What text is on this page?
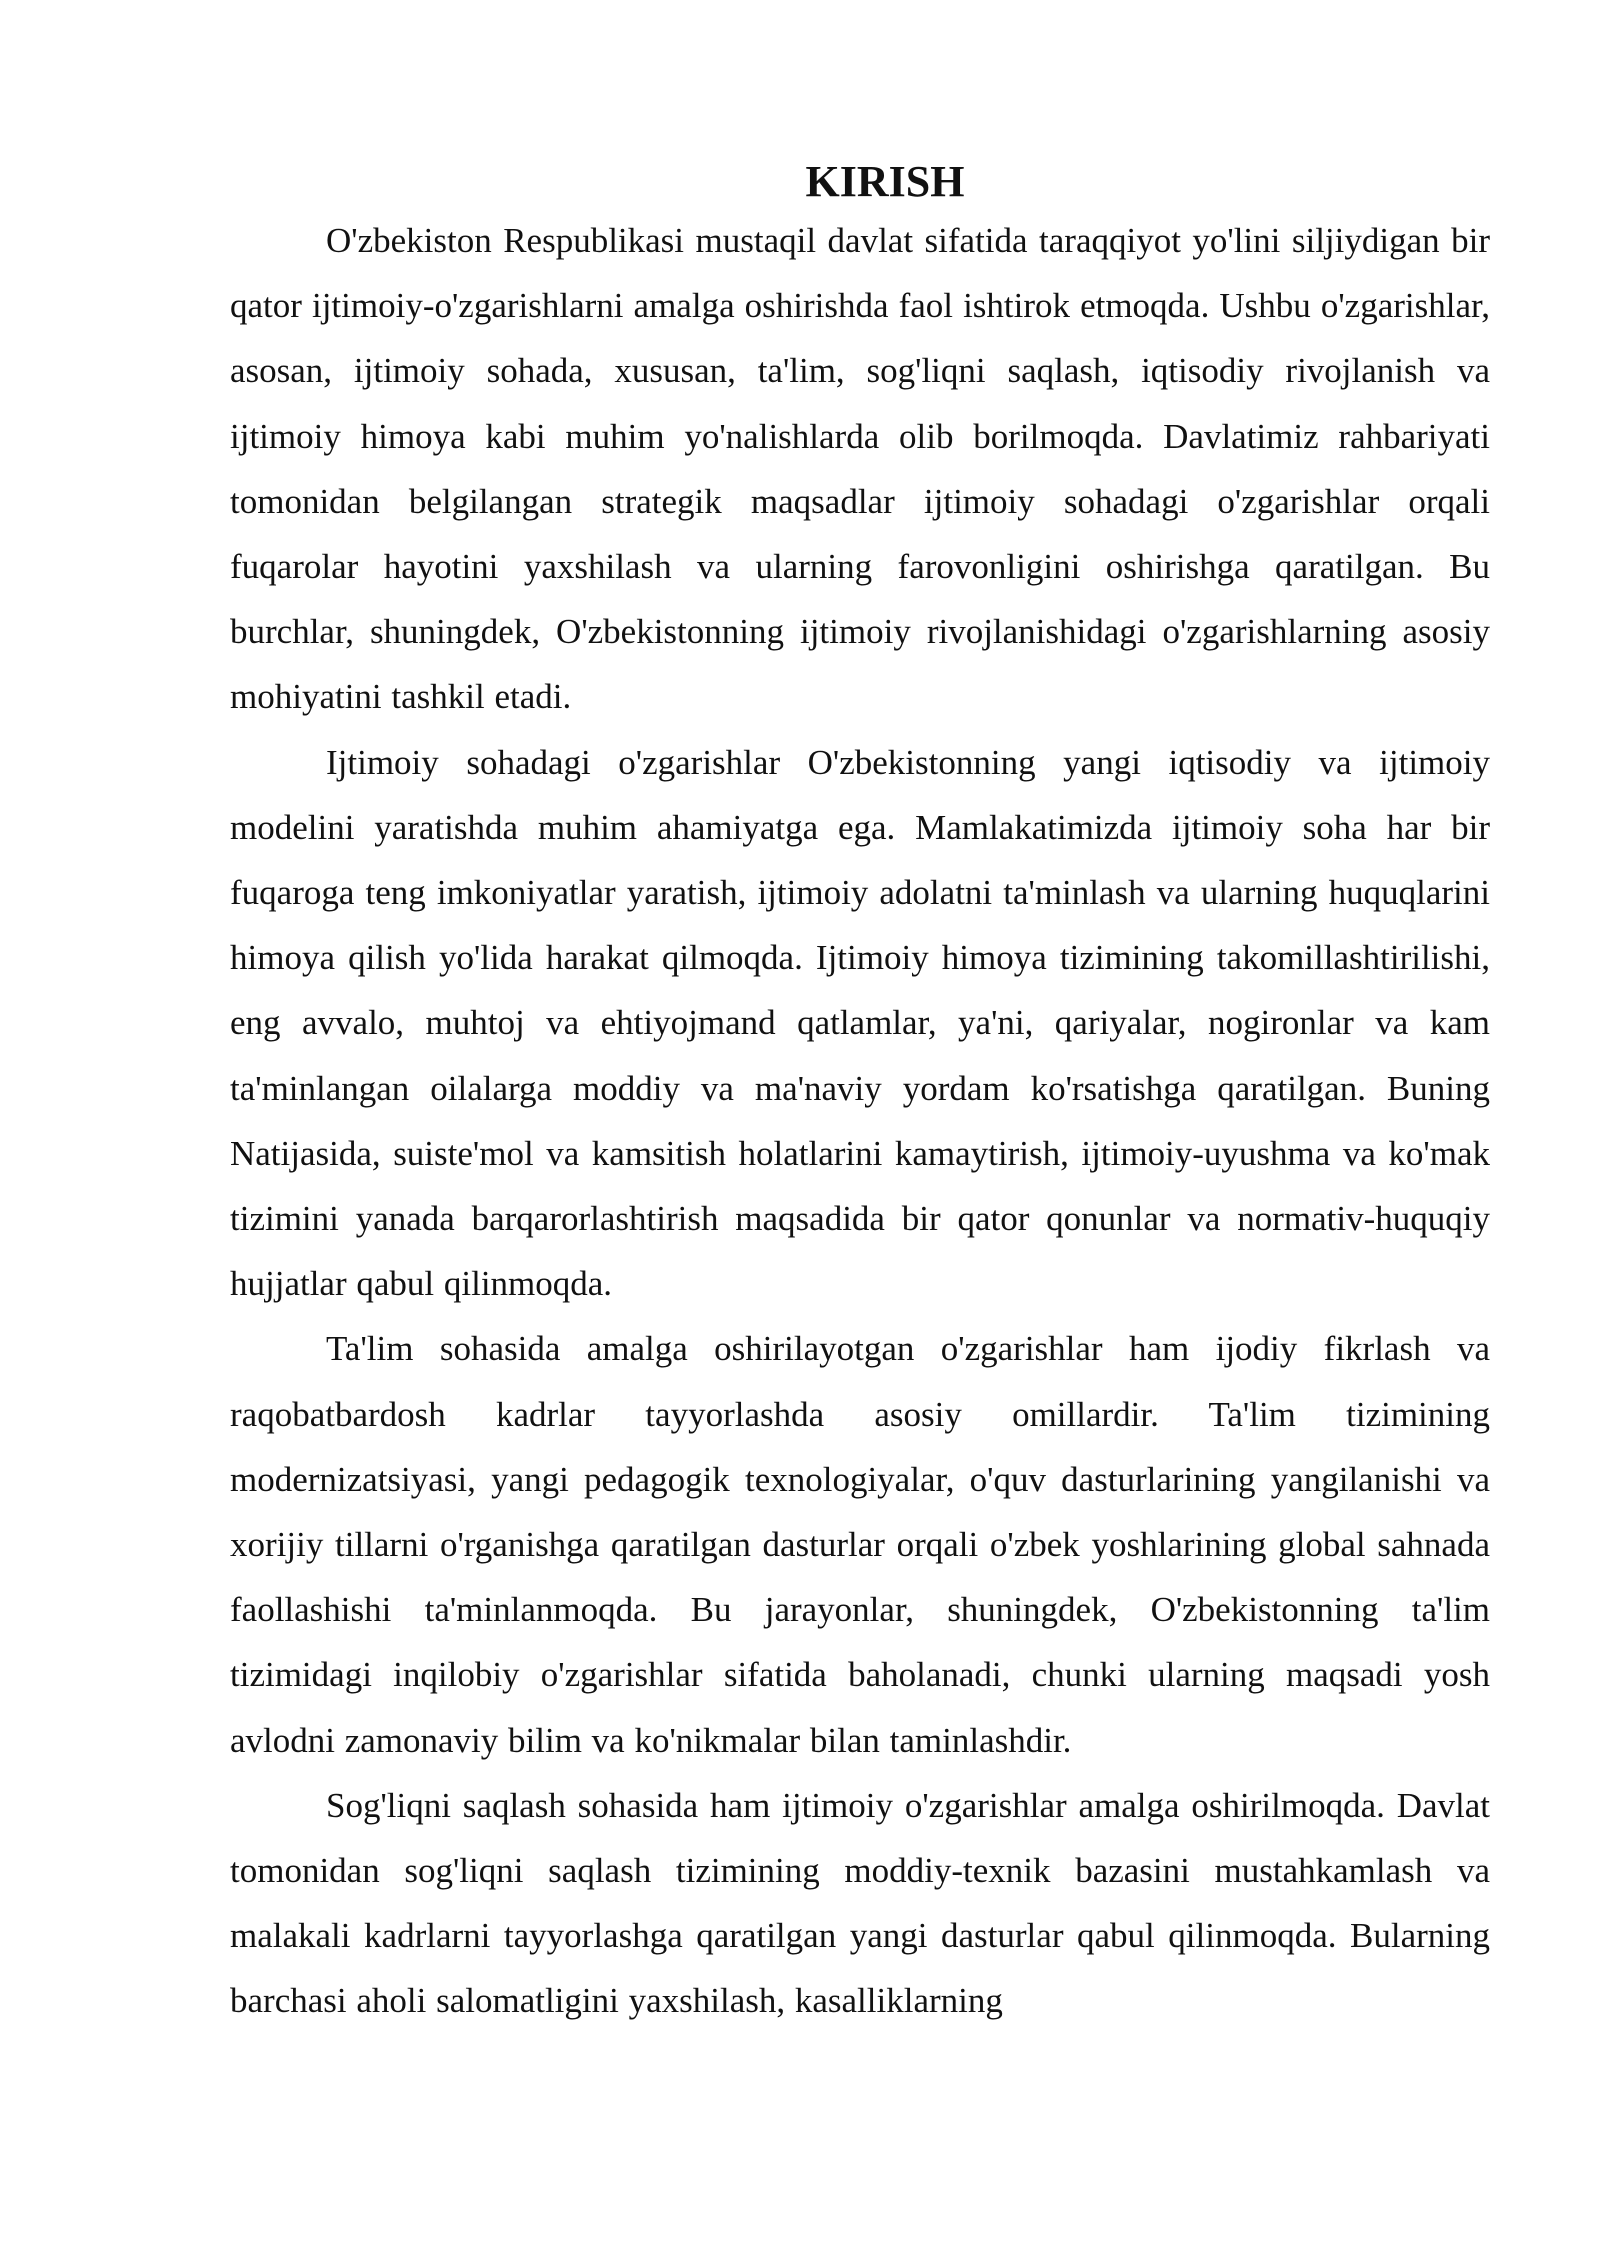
KIRISH

O'zbekiston Respublikasi mustaqil davlat sifatida taraqqiyot yo'lini siljiydigan bir qator ijtimoiy-o'zgarishlarni amalga oshirishda faol ishtirok etmoqda. Ushbu o'zgarishlar, asosan, ijtimoiy sohada, xususan, ta'lim, sog'liqni saqlash, iqtisodiy rivojlanish va ijtimoiy himoya kabi muhim yo'nalishlarda olib borilmoqda. Davlatimiz rahbariyati tomonidan belgilangan strategik maqsadlar ijtimoiy sohadagi o'zgarishlar orqali fuqarolar hayotini yaxshilash va ularning farovonligini oshirishga qaratilgan. Bu burchlar, shuningdek, O'zbekistonning ijtimoiy rivojlanishidagi o'zgarishlarning asosiy mohiyatini tashkil etadi.

Ijtimoiy sohadagi o'zgarishlar O'zbekistonning yangi iqtisodiy va ijtimoiy modelini yaratishda muhim ahamiyatga ega. Mamlakatimizda ijtimoiy soha har bir fuqaroga teng imkoniyatlar yaratish, ijtimoiy adolatni ta'minlash va ularning huquqlarini himoya qilish yo'lida harakat qilmoqda. Ijtimoiy himoya tizimining takomillashtirilishi, eng avvalo, muhtoj va ehtiyojmand qatlamlar, ya'ni, qariyalar, nogironlar va kam ta'minlangan oilalarga moddiy va ma'naviy yordam ko'rsatishga qaratilgan. Buning Natijasida, suiste'mol va kamsitish holatlarini kamaytirish, ijtimoiy-uyushma va ko'mak tizimini yanada barqarorlashtirish maqsadida bir qator qonunlar va normativ-huquqiy hujjatlar qabul qilinmoqda.

Ta'lim sohasida amalga oshirilayotgan o'zgarishlar ham ijodiy fikrlash va raqobatbardosh kadrlar tayyorlashda asosiy omillardir. Ta'lim tizimining modernizatsiyasi, yangi pedagogik texnologiyalar, o'quv dasturlarining yangilanishi va xorijiy tillarni o'rganishga qaratilgan dasturlar orqali o'zbek yoshlarining global sahnada faollashishi ta'minlanmoqda. Bu jarayonlar, shuningdek, O'zbekistonning ta'lim tizimidagi inqilobiy o'zgarishlar sifatida baholanadi, chunki ularning maqsadi yosh avlodni zamonaviy bilim va ko'nikmalar bilan taminlashdir.

Sog'liqni saqlash sohasida ham ijtimoiy o'zgarishlar amalga oshirilmoqda. Davlat tomonidan sog'liqni saqlash tizimining moddiy-texnik bazasini mustahkamlash va malakali kadrlarni tayyorlashga qaratilgan yangi dasturlar qabul qilinmoqda. Bularning barchasi aholi salomatligini yaxshilash, kasalliklarning
